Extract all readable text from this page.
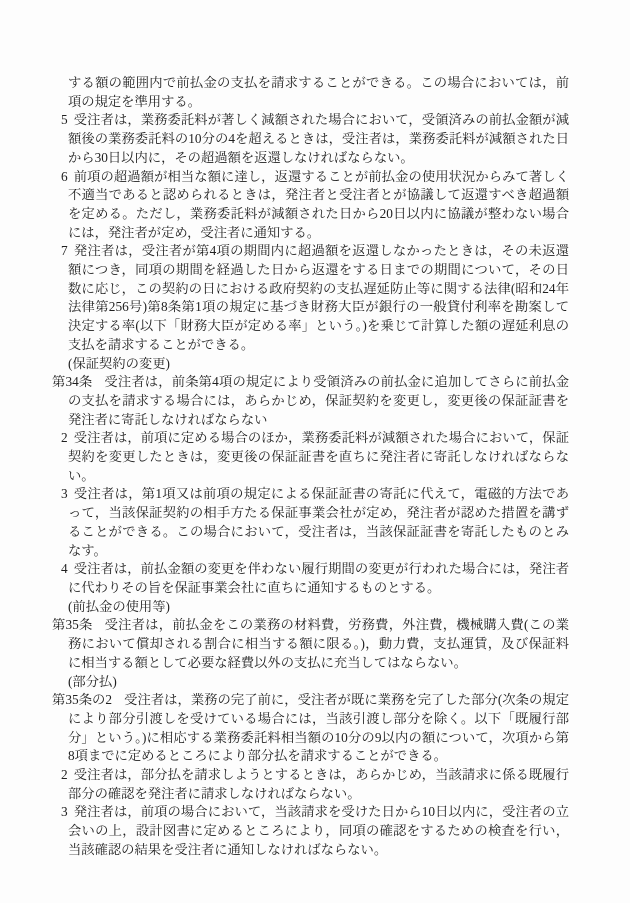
する額の範囲内で前払金の支払を請求することができる。この場合においては，前項の規定を準用する。
5 受注者は，業務委託料が著しく減額された場合において，受領済みの前払金額が減額後の業務委託料の10分の4を超えるときは，受注者は，業務委託料が減額された日から30日以内に，その超過額を返還しなければならない。
6 前項の超過額が相当な額に達し，返還することが前払金の使用状況からみて著しく不適当であると認められるときは，発注者と受注者とが協議して返還すべき超過額を定める。ただし，業務委託料が減額された日から20日以内に協議が整わない場合には，発注者が定め，受注者に通知する。
7 発注者は，受注者が第4項の期間内に超過額を返還しなかったときは，その未返還額につき，同項の期間を経過した日から返還をする日までの期間について，その日数に応じ，この契約の日における政府契約の支払遅延防止等に関する法律(昭和24年法律第256号)第8条第1項の規定に基づき財務大臣が銀行の一般貸付利率を勘案して決定する率(以下「財務大臣が定める率」という。)を乗じて計算した額の遅延利息の支払を請求することができる。
(保証契約の変更)
第34条 受注者は，前条第4項の規定により受領済みの前払金に追加してさらに前払金の支払を請求する場合には，あらかじめ，保証契約を変更し，変更後の保証証書を発注者に寄託しなければならない
2 受注者は，前項に定める場合のほか，業務委託料が減額された場合において，保証契約を変更したときは，変更後の保証証書を直ちに発注者に寄託しなければならない。
3 受注者は，第1項又は前項の規定による保証証書の寄託に代えて，電磁的方法であって，当該保証契約の相手方たる保証事業会社が定め，発注者が認めた措置を講ずることができる。この場合において，受注者は，当該保証証書を寄託したものとみなす。
4 受注者は，前払金額の変更を伴わない履行期間の変更が行われた場合には，発注者に代わりその旨を保証事業会社に直ちに通知するものとする。
(前払金の使用等)
第35条 受注者は，前払金をこの業務の材料費，労務費，外注費，機械購入費(この業務において償却される割合に相当する額に限る。)，動力費，支払運賃，及び保証料に相当する額として必要な経費以外の支払に充当してはならない。
(部分払)
第35条の2 受注者は，業務の完了前に，受注者が既に業務を完了した部分(次条の規定により部分引渡しを受けている場合には，当該引渡し部分を除く。以下「既履行部分」という。)に相応する業務委託料相当額の10分の9以内の額について，次項から第8項までに定めるところにより部分払を請求することができる。
2 受注者は，部分払を請求しようとするときは，あらかじめ，当該請求に係る既履行部分の確認を発注者に請求しなければならない。
3 発注者は，前項の場合において，当該請求を受けた日から10日以内に，受注者の立会いの上，設計図書に定めるところにより，同項の確認をするための検査を行い，当該確認の結果を受注者に通知しなければならない。
